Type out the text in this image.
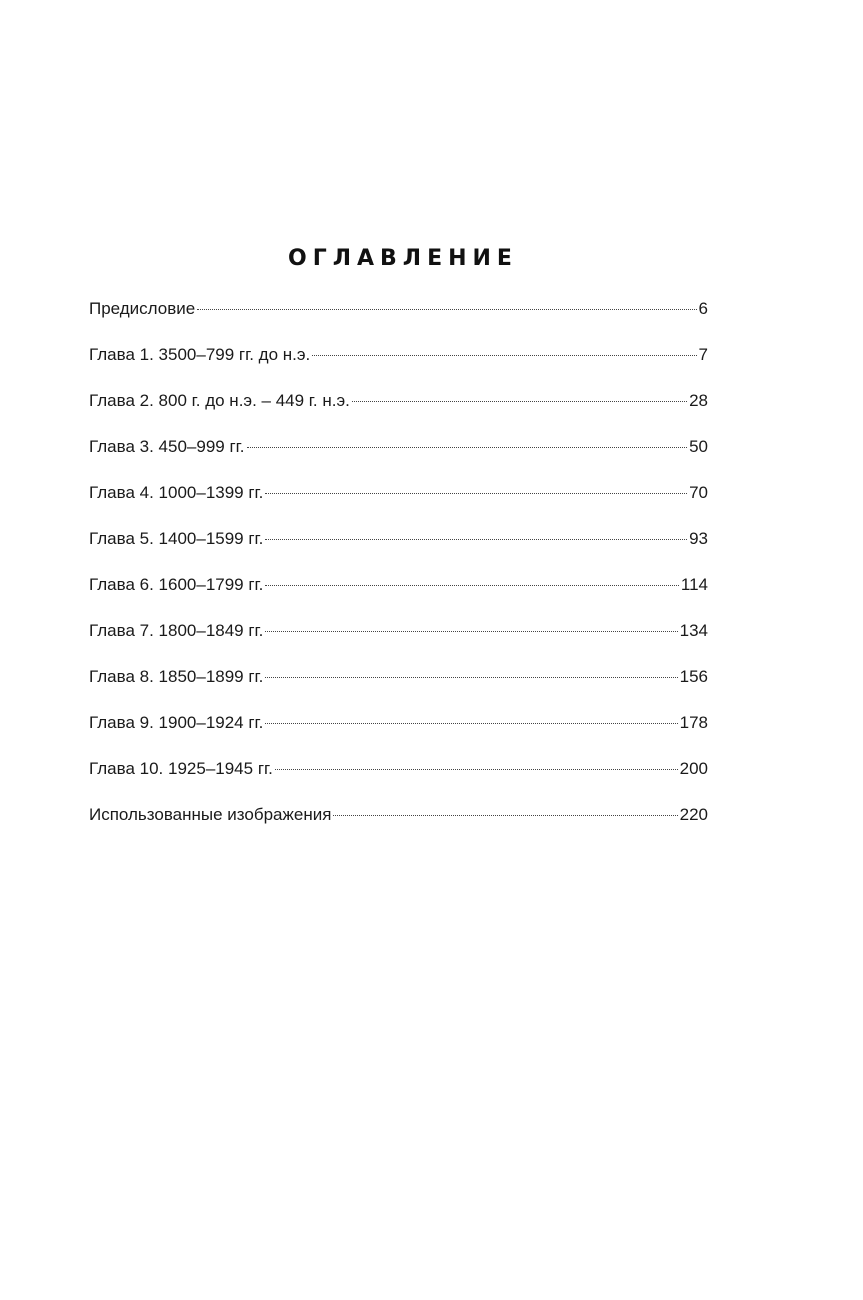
ОГЛАВЛЕНИЕ
Предисловие	6
Глава 1. 3500–799 гг. до н.э.	7
Глава 2. 800 г. до н.э. – 449 г. н.э.	28
Глава 3. 450–999 гг.	50
Глава 4. 1000–1399 гг.	70
Глава 5. 1400–1599 гг.	93
Глава 6. 1600–1799 гг.	114
Глава 7. 1800–1849 гг.	134
Глава 8. 1850–1899 гг.	156
Глава 9. 1900–1924 гг.	178
Глава 10. 1925–1945 гг.	200
Использованные изображения	220
